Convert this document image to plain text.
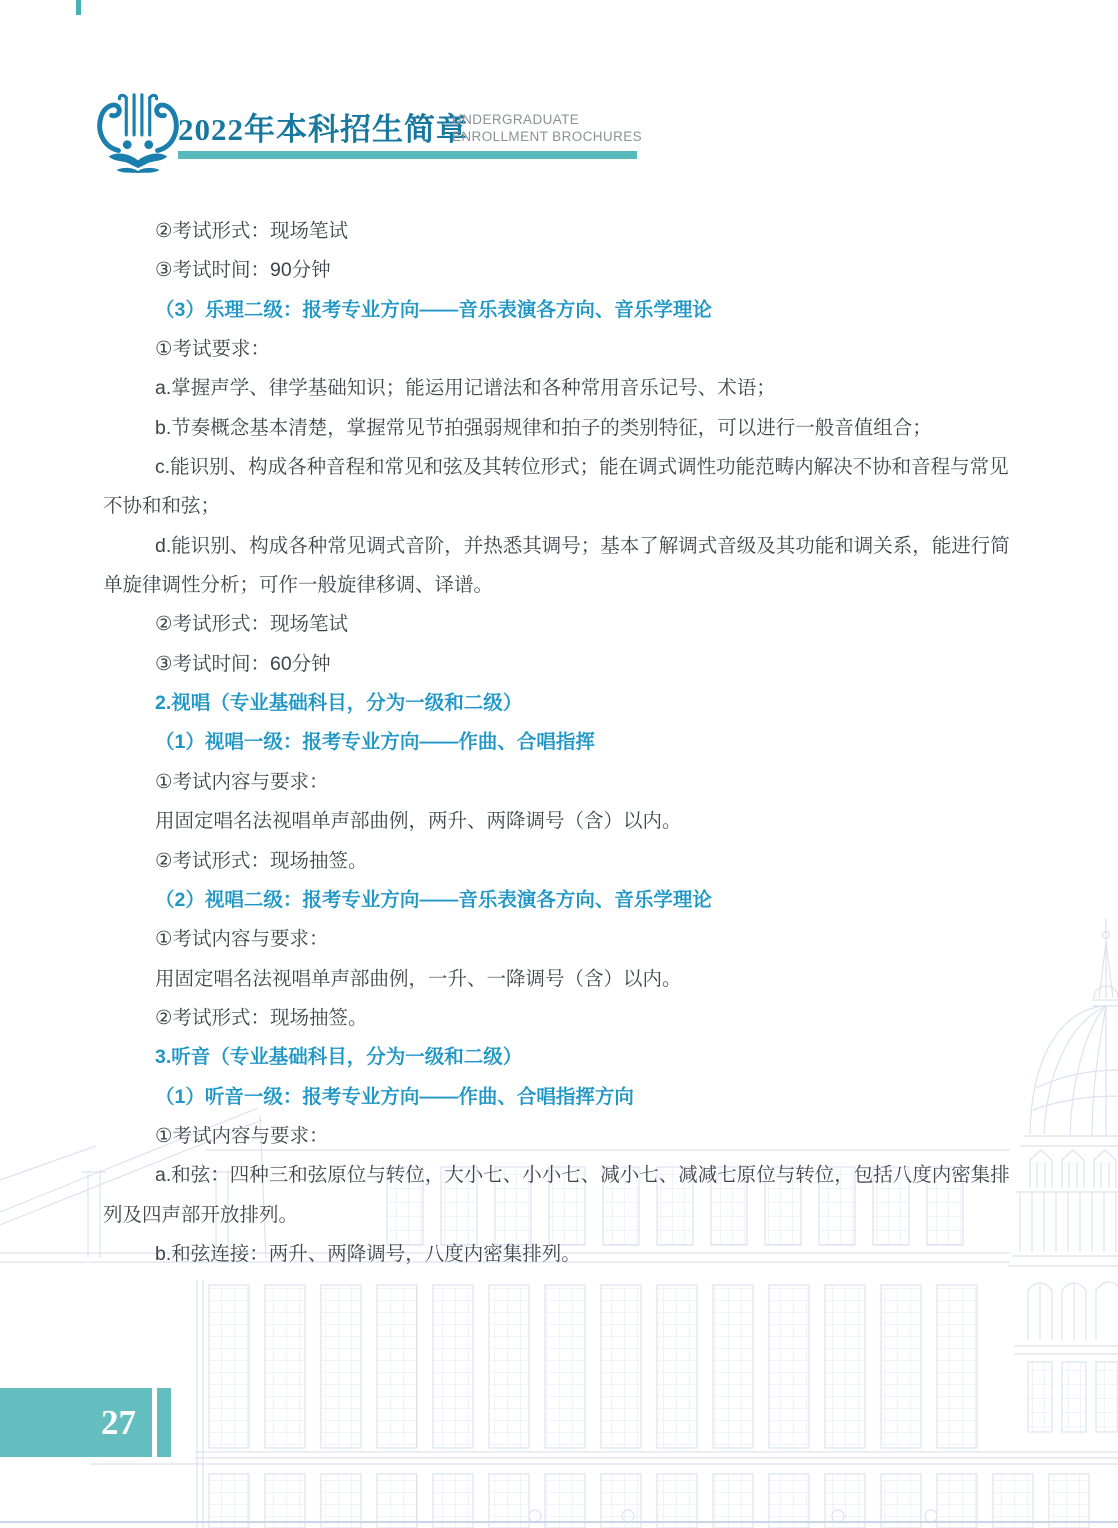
2022年本科招生简章
UNDERGRADUATE
ENROLLMENT BROCHURES
②考试形式：现场笔试
③考试时间：90分钟
（3）乐理二级：报考专业方向——音乐表演各方向、音乐学理论
①考试要求：
a.掌握声学、律学基础知识；能运用记谱法和各种常用音乐记号、术语；
b.节奏概念基本清楚，掌握常见节拍强弱规律和拍子的类别特征，可以进行一般音值组合；
c.能识别、构成各种音程和常见和弦及其转位形式；能在调式调性功能范畴内解决不协和音程与常见
不协和和弦；
d.能识别、构成各种常见调式音阶，并热悉其调号；基本了解调式音级及其功能和调关系，能进行简
单旋律调性分析；可作一般旋律移调、译谱。
②考试形式：现场笔试
③考试时间：60分钟
2.视唱（专业基础科目，分为一级和二级）
（1）视唱一级：报考专业方向——作曲、合唱指挥
①考试内容与要求：
用固定唱名法视唱单声部曲例，两升、两降调号（含）以内。
②考试形式：现场抽签。
（2）视唱二级：报考专业方向——音乐表演各方向、音乐学理论
①考试内容与要求：
用固定唱名法视唱单声部曲例，一升、一降调号（含）以内。
②考试形式：现场抽签。
3.听音（专业基础科目，分为一级和二级）
（1）听音一级：报考专业方向——作曲、合唱指挥方向
①考试内容与要求：
a.和弦：四种三和弦原位与转位，大小七、小小七、减小七、减减七原位与转位，包括八度内密集排
列及四声部开放排列。
b.和弦连接：两升、两降调号，八度内密集排列。
27
